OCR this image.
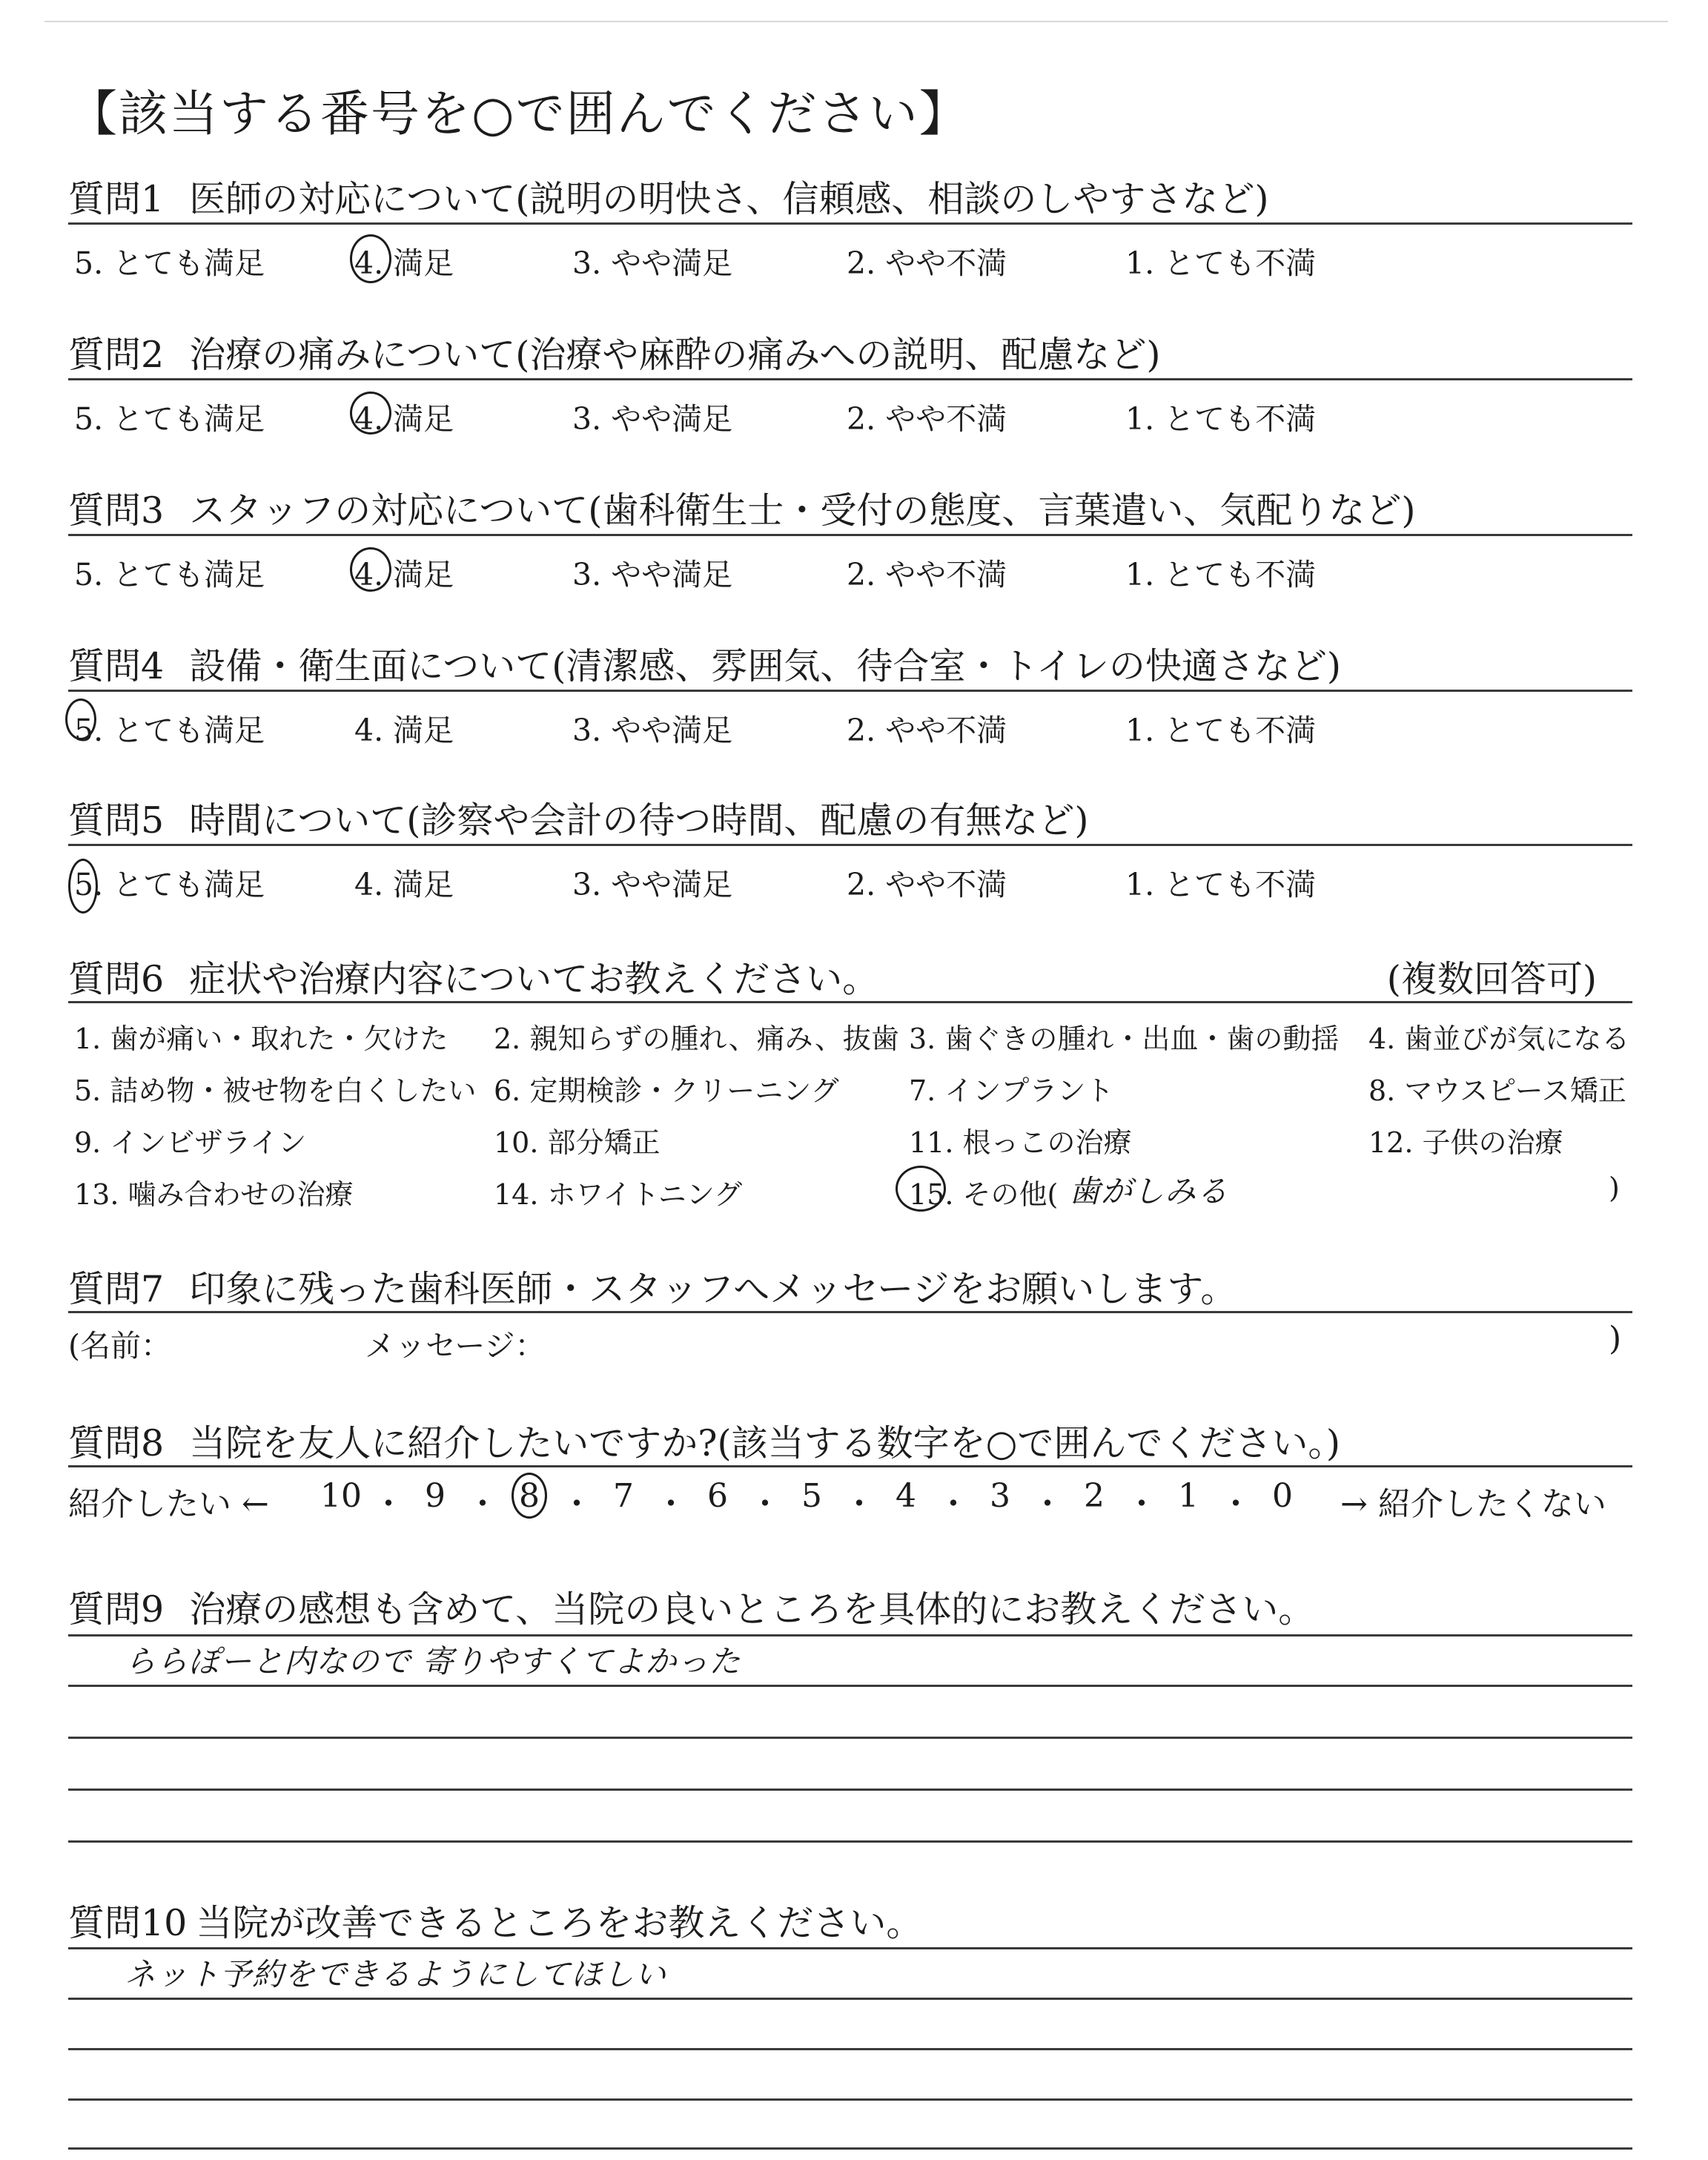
【該当する番号を○で囲んでください】
質問1 医師の対応について(説明の明快さ、信頼感、相談のしやすさなど)
5. とても満足	4. 満足	3. やや満足	2. やや不満	1. とても不満
質問2 治療の痛みについて(治療や麻酔の痛みへの説明、配慮など)
5. とても満足	4. 満足	3. やや満足	2. やや不満	1. とても不満
質問3 スタッフの対応について(歯科衛生士・受付の態度、言葉遣い、気配りなど)
5. とても満足	4. 満足	3. やや満足	2. やや不満	1. とても不満
質問4 設備・衛生面について(清潔感、雰囲気、待合室・トイレの快適さなど)
5. とても満足	4. 満足	3. やや満足	2. やや不満	1. とても不満
質問5 時間について(診察や会計の待つ時間、配慮の有無など)
5. とても満足	4. 満足	3. やや満足	2. やや不満	1. とても不満
質問6 症状や治療内容についてお教えください。	(複数回答可)
1. 歯が痛い・取れた・欠けた 2. 親知らずの腫れ、痛み、抜歯 3. 歯ぐきの腫れ・出血・歯の動揺 4. 歯並びが気になる
5. 詰め物・被せ物を白くしたい 6. 定期検診・クリーニング 7. インプラント	8. マウスピース矯正
9. インビザライン	10. 部分矯正	11. 根っこの治療	12. 子供の治療
13. 噛み合わせの治療	14. ホワイトニング	15. その他(	)
歯がしみる
質問7 印象に残った歯科医師・スタッフへメッセージをお願いします。
(名前：	メッセージ：	)
質問8 当院を友人に紹介したいですか?(該当する数字を○で囲んでください。)
紹介したい ←	→ 紹介したくない
10 ・ 9 ・ 8 ・ 7 ・ 6 ・ 5 ・ 4 ・ 3 ・ 2 ・ 1 ・ 0
質問9 治療の感想も含めて、当院の良いところを具体的にお教えください。
ららぽーと内なので 寄りやすくてよかった
質問10 当院が改善できるところをお教えください。
ネット予約をできるようにしてほしい
